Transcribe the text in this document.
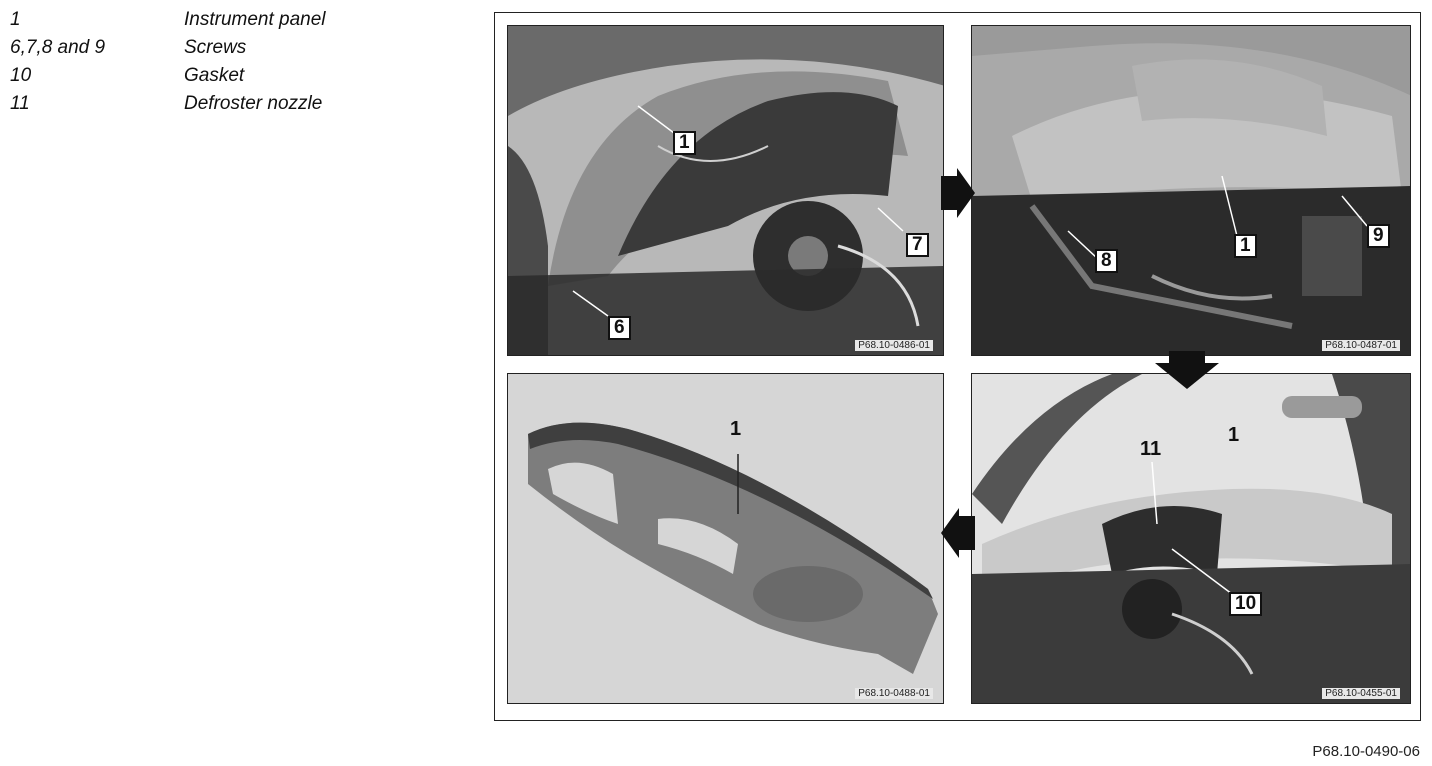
1	Instrument panel
6,7,8 and 9	Screws
10	Gasket
11	Defroster nozzle
1
7
6
P68.10-0486-01
8
1	9
P68.10-0487-01
1
P68.10-0488-01
11
1
10
P68.10-0455-01
P68.10-0490-06
